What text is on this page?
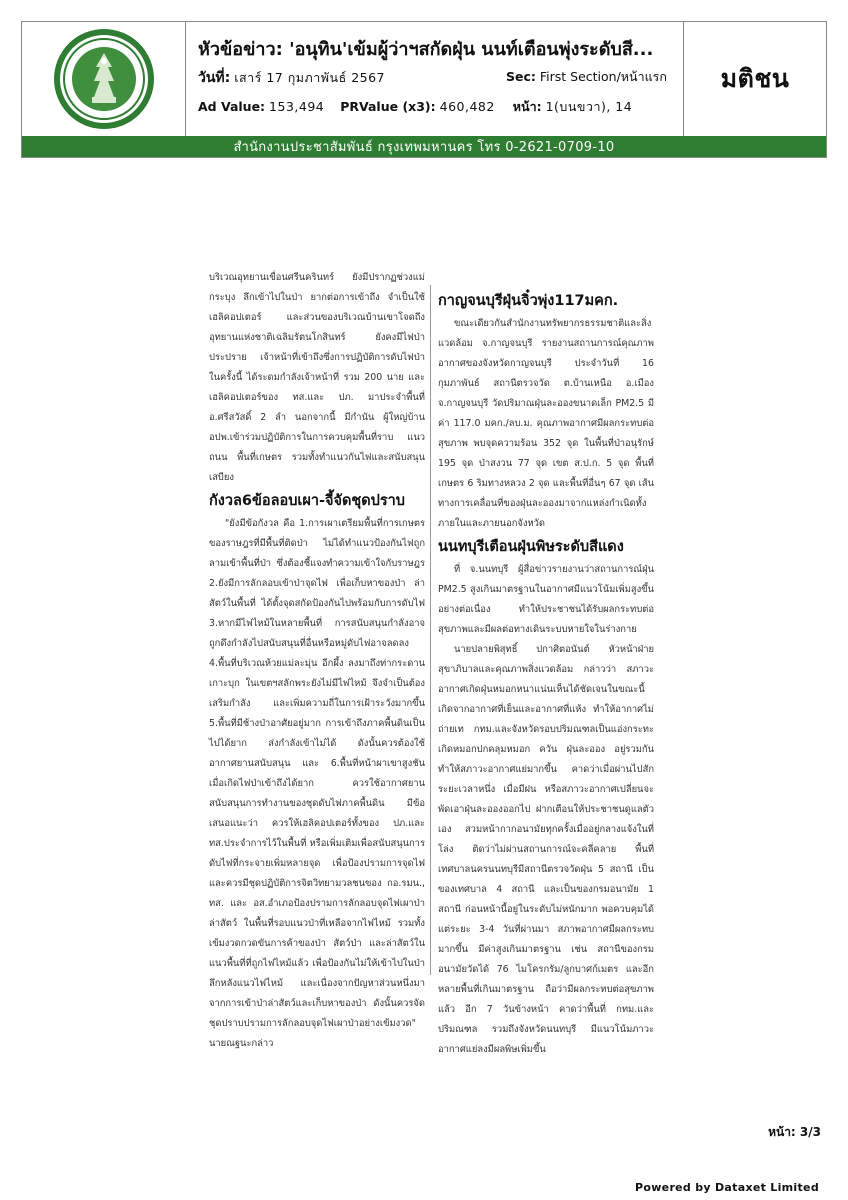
หัวข้อข่าว: 'อนุทิน'เข้มผู้ว่าฯสกัดฝุ่น นนท์เตือนพุ่งระดับสี...
วันที่: เสาร์ 17 กุมภาพันธ์ 2567	Sec: First Section/หน้าแรก
Ad Value: 153,494 PRValue (x3): 460,482 หน้า: 1(บนขวา), 14
มติชน
สำนักงานประชาสัมพันธ์ กรุงเทพมหานคร โทร 0-2621-0709-10

บริเวณอุทยานเขื่อนศรีนครินทร์ ยังมีปรากฏช่วงแม่กระบุง ลึกเข้าไปในป่า ยากต่อการเข้าถึง จำเป็นใช้เฮลิคอปเตอร์ และส่วนของบริเวณบ้านเขาโจดถึงอุทยานแห่งชาติเฉลิมรัตนโกสินทร์ ยังคงมีไฟป่าประปราย เจ้าหน้าที่เข้าถึงซึ่งการปฏิบัติการดับไฟป่าในครั้งนี้ ได้ระดมกำลังเจ้าหน้าที่ รวม 200 นาย และเฮลิคอปเตอร์ของ ทส.และ ปภ. มาประจำพื้นที่ อ.ศรีสวัสดิ์ 2 ลำ นอกจากนี้ มีกำนัน ผู้ใหญ่บ้าน อปพ.เข้าร่วมปฏิบัติการในการควบคุมพื้นที่ราบ แนวถนน พื้นที่เกษตร รวมทั้งทำแนวกันไฟและสนับสนุนเสบียง

กังวล6ข้อลอบเผา-จี้จัดชุดปราบ

"ยังมีข้อกังวล คือ 1.การเผาเตรียมพื้นที่การเกษตรของราษฎรที่มีพื้นที่ติดป่า ไม่ได้ทำแนวป้องกันไฟถูกลามเข้าพื้นที่ป่า ซึ่งต้องชี้แจงทำความเข้าใจกับราษฎร 2.ยังมีการลักลอบเข้าป่าจุดไฟ เพื่อเก็บหาของป่า ล่าสัตว์ในพื้นที่ ได้ตั้งจุดสกัดป้องกันไปพร้อมกับการดับไฟ 3.หากมีไฟไหม้ในหลายพื้นที่ การสนับสนุนกำลังอาจถูกดึงกำลังไปสนับสนุนที่อื่นหรือหมู่ดับไฟอาจลดลง 4.พื้นที่บริเวณห้วยแม่ละมุ่น อีกผึ้ง ลงมาถึงท่ากระดาน เกาะบุก ในเขตฯสลักพระยังไม่มีไฟไหม้ จึงจำเป็นต้องเสริมกำลัง และเพิ่มความถี่ในการเฝ้าระวังมากขึ้น 5.พื้นที่มีช้างป่าอาศัยอยู่มาก การเข้าถึงภาคพื้นดินเป็นไปได้ยาก ส่งกำลังเข้าไม่ได้ ดังนั้นควรต้องใช้อากาศยานสนับสนุน และ 6.พื้นที่หน้าผาเขาสูงชัน เมื่อเกิดไฟป่าเข้าถึงได้ยาก ควรใช้อากาศยานสนับสนุนการทำงานของชุดดับไฟภาคพื้นดิน มีข้อเสนอแนะว่า ควรให้เฮลิคอปเตอร์ทั้งของ ปภ.และ ทส.ประจำการไว้ในพื้นที่ หรือเพิ่มเติมเพื่อสนับสนุนการดับไฟที่กระจายเพิ่มหลายจุด เพื่อป้องปรามการจุดไฟ และควรมีชุดปฏิบัติการจิตวิทยามวลชนของ กอ.รมน., ทส. และ อส.อำเภอป้องปรามการลักลอบจุดไฟเผาป่า ล่าสัตว์ ในพื้นที่รอบแนวป่าที่เหลือจากไฟไหม้ รวมทั้งเข้มงวดกวดขันการค้าของป่า สัตว์ป่า และล่าสัตว์ในแนวพื้นที่ที่ถูกไฟไหม้แล้ว เพื่อป้องกันไม่ให้เข้าไปในป่าลึกหลังแนวไฟไหม้ และเนื่องจากปัญหาส่วนหนึ่งมาจากการเข้าป่าล่าสัตว์และเก็บหาของป่า ดังนั้นควรจัดชุดปราบปรามการลักลอบจุดไฟเผาป่าอย่างเข้มงวด" นายณฐนะกล่าว

กาญจนบุรีฝุ่นจิ๋วพุ่ง117มคก.

ขณะเดียวกันสำนักงานทรัพยากรธรรมชาติและสิ่งแวดล้อม จ.กาญจนบุรี รายงานสถานการณ์คุณภาพอากาศของจังหวัดกาญจนบุรี ประจำวันที่ 16 กุมภาพันธ์ สถานีตรวจวัด ต.บ้านเหนือ อ.เมือง จ.กาญจนบุรี วัดปริมาณฝุ่นละอองขนาดเล็ก PM2.5 มีค่า 117.0 มคก./ลบ.ม. คุณภาพอากาศมีผลกระทบต่อสุขภาพ พบจุดความร้อน 352 จุด ในพื้นที่ป่าอนุรักษ์ 195 จุด ป่าสงวน 77 จุด เขต ส.ป.ก. 5 จุด พื้นที่เกษตร 6 ริมทางหลวง 2 จุด และพื้นที่อื่นๆ 67 จุด เส้นทางการเคลื่อนที่ของฝุ่นละอองมาจากแหล่งกำเนิดทั้งภายในและภายนอกจังหวัด

นนทบุรีเตือนฝุ่นพิษระดับสีแดง

ที่ จ.นนทบุรี ผู้สื่อข่าวรายงานว่าสถานการณ์ฝุ่น PM2.5 สูงเกินมาตรฐานในอากาศมีแนวโน้มเพิ่มสูงขึ้นอย่างต่อเนื่อง ทำให้ประชาชนได้รับผลกระทบต่อสุขภาพและมีผลต่อทางเดินระบบหายใจในร่างกาย

นายปลายพิสุทธิ์ ปกาศิตอนันต์ หัวหน้าฝ่ายสุขาภิบาลและคุณภาพสิ่งแวดล้อม กล่าวว่า สภาวะอากาศเกิดฝุ่นหมอกหนาแน่นเห็นได้ชัดเจนในขณะนี้ เกิดจากอากาศที่เย็นและอากาศที่แห้ง ทำให้อากาศไม่ถ่ายเท กทม.และจังหวัดรอบปริมณฑลเป็นแอ่งกระทะ เกิดหมอกปกคลุมหมอก ควัน ฝุ่นละออง อยู่รวมกันทำให้สภาวะอากาศแย่มากขึ้น คาดว่าเมื่อผ่านไปสักระยะเวลาหนึ่ง เมื่อมีฝน หรือสภาวะอากาศเปลี่ยนจะพัดเอาฝุ่นละอองออกไป ฝากเตือนให้ประชาชนดูแลตัวเอง สวมหน้ากากอนามัยทุกครั้งเมื่ออยู่กลางแจ้งในที่โล่ง ติดว่าไม่ผ่านสถานการณ์จะคลี่คลาย พื้นที่เทศบาลนครนนทบุรีมีสถานีตรวจวัดฝุ่น 5 สถานี เป็นของเทศบาล 4 สถานี และเป็นของกรมอนามัย 1 สถานี ก่อนหน้านี้อยู่ในระดับไม่หนักมาก พอควบคุมได้ แต่ระยะ 3-4 วันที่ผ่านมา สภาพอากาศมีผลกระทบมากขึ้น มีค่าสูงเกินมาตรฐาน เช่น สถานีของกรมอนามัยวัดได้ 76 ไมโครกรัม/ลูกบาศก์เมตร และอีกหลายพื้นที่เกินมาตรฐาน ถือว่ามีผลกระทบต่อสุขภาพแล้ว อีก 7 วันข้างหน้า คาดว่าพื้นที่ กทม.และปริมณฑล รวมถึงจังหวัดนนทบุรี มีแนวโน้มภาวะอากาศแย่ลงมีผลพิษเพิ่มขึ้น

หน้า: 3/3
Powered by Dataxet Limited
